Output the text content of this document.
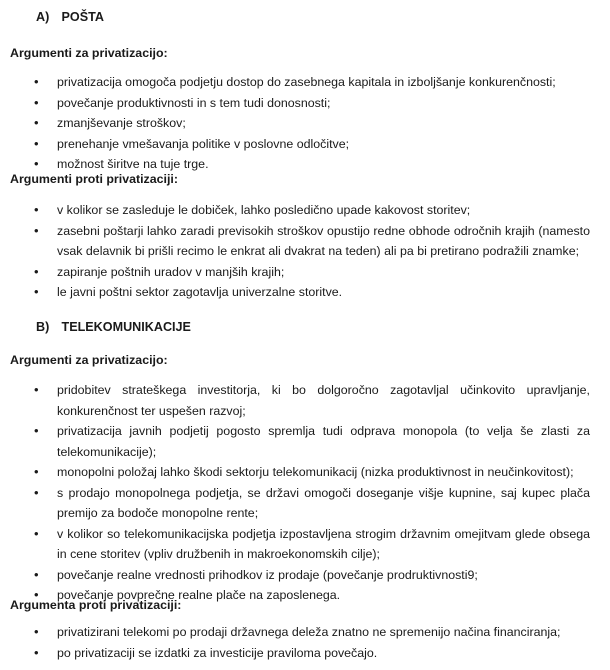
A) POŠTA
Argumenti za privatizacijo:
• privatizacija omogoča podjetju dostop do zasebnega kapitala in izboljšanje konkurenčnosti;
• povečanje produktivnosti in s tem tudi donosnosti;
• zmanjševanje stroškov;
• prenehanje vmešavanja politike v poslovne odločitve;
• možnost širitve na tuje trge.
Argumenti proti privatizaciji:
• v kolikor se zasleduje le dobiček, lahko posledično upade kakovost storitev;
• zasebni poštarji lahko zaradi previsokih stroškov opustijo redne obhode odročnih krajih (namesto vsak delavnik bi prišli recimo le enkrat ali dvakrat na teden) ali pa bi pretirano podražili znamke;
• zapiranje poštnih uradov v manjših krajih;
• le javni poštni sektor zagotavlja univerzalne storitve.
B) TELEKOMUNIKACIJE
Argumenti za privatizacijo:
• pridobitev strateškega investitorja, ki bo dolgoročno zagotavljal učinkovito upravljanje, konkurenčnost ter uspešen razvoj;
• privatizacija javnih podjetij pogosto spremlja tudi odprava monopola (to velja še zlasti za telekomunikacije);
• monopolni položaj lahko škodi sektorju telekomunikacij (nizka produktivnost in neučinkovitost);
• s prodajo monopolnega podjetja, se državi omogoči doseganje višje kupnine, saj kupec plača premijo za bodoče monopolne rente;
• v kolikor so telekomunikacijska podjetja izpostavljena strogim državnim omejitvam glede obsega in cene storitev (vpliv družbenih in makroekonomskih cilje);
• povečanje realne vrednosti prihodkov iz prodaje (povečanje prodruktivnosti9;
• povečanje povprečne realne plače na zaposlenega.
Argumenta proti privatizaciji:
• privatizirani telekomi po prodaji državnega deleža znatno ne spremenijo načina financiranja;
• po privatizaciji se izdatki za investicije praviloma povečajo.
